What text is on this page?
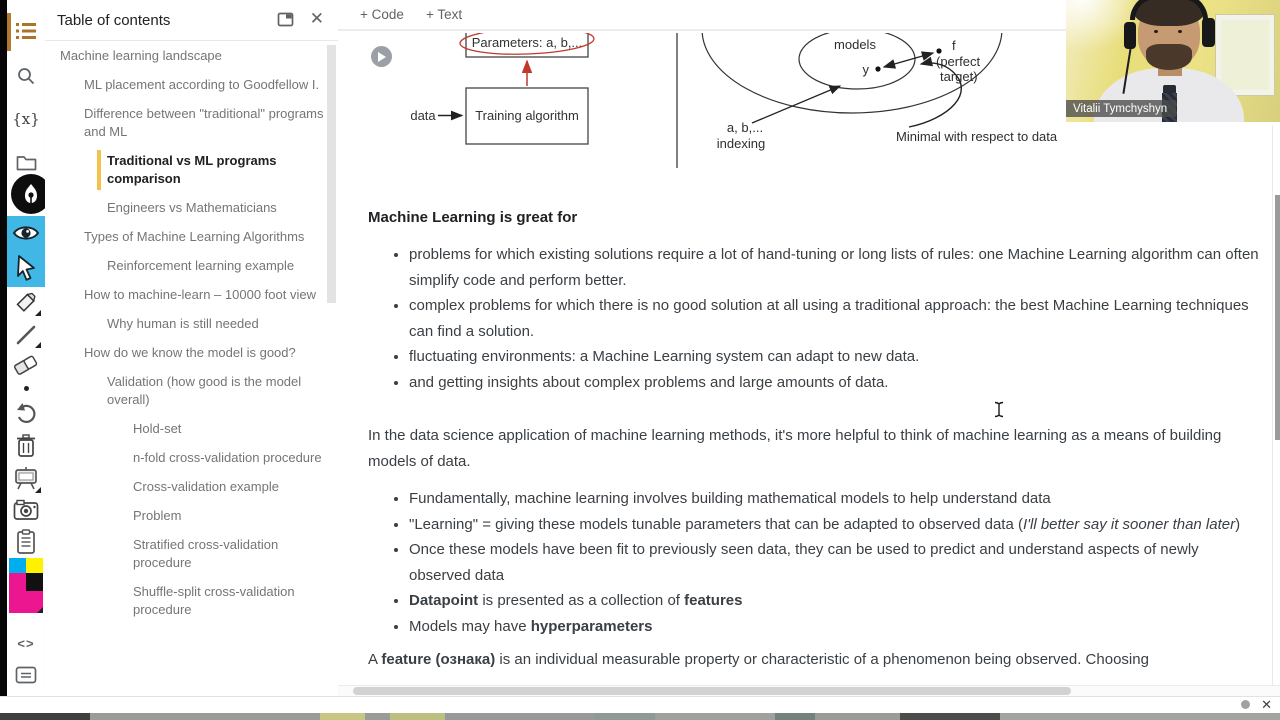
{x}
<>
Table of contents	✕
Machine learning landscape
ML placement according to Goodfellow I.
Difference between "traditional" programs and ML
Traditional vs ML programs comparison
Engineers vs Mathematicians
Types of Machine Learning Algorithms
Reinforcement learning example
How to machine-learn – 10000 foot view
Why human is still needed
How do we know the model is good?
Validation (how good is the model overall)
Hold-set
n-fold cross-validation procedure
Cross-validation example
Problem
Stratified cross-validation procedure
Shuffle-split cross-validation procedure
+ Code + Text
Parameters: a, b,...
Training algorithm
data
models
y
f
(perfect
target)
a, b,...
indexing	Minimal with respect to data
Machine Learning is great for
• problems for which existing solutions require a lot of hand-tuning or long lists of rules: one Machine Learning algorithm can often simplify code and perform better.
• complex problems for which there is no good solution at all using a traditional approach: the best Machine Learning techniques can find a solution.
• fluctuating environments: a Machine Learning system can adapt to new data.
• and getting insights about complex problems and large amounts of data.

In the data science application of machine learning methods, it's more helpful to think of machine learning as a means of building models of data.

• Fundamentally, machine learning involves building mathematical models to help understand data
• "Learning" = giving these models tunable parameters that can be adapted to observed data (I'll better say it sooner than later)
• Once these models have been fit to previously seen data, they can be used to predict and understand aspects of newly observed data
• Datapoint is presented as a collection of features
• Models may have hyperparameters

A feature (ознака) is an individual measurable property or characteristic of a phenomenon being observed. Choosing

Vitalii Tymchyshyn
✕
